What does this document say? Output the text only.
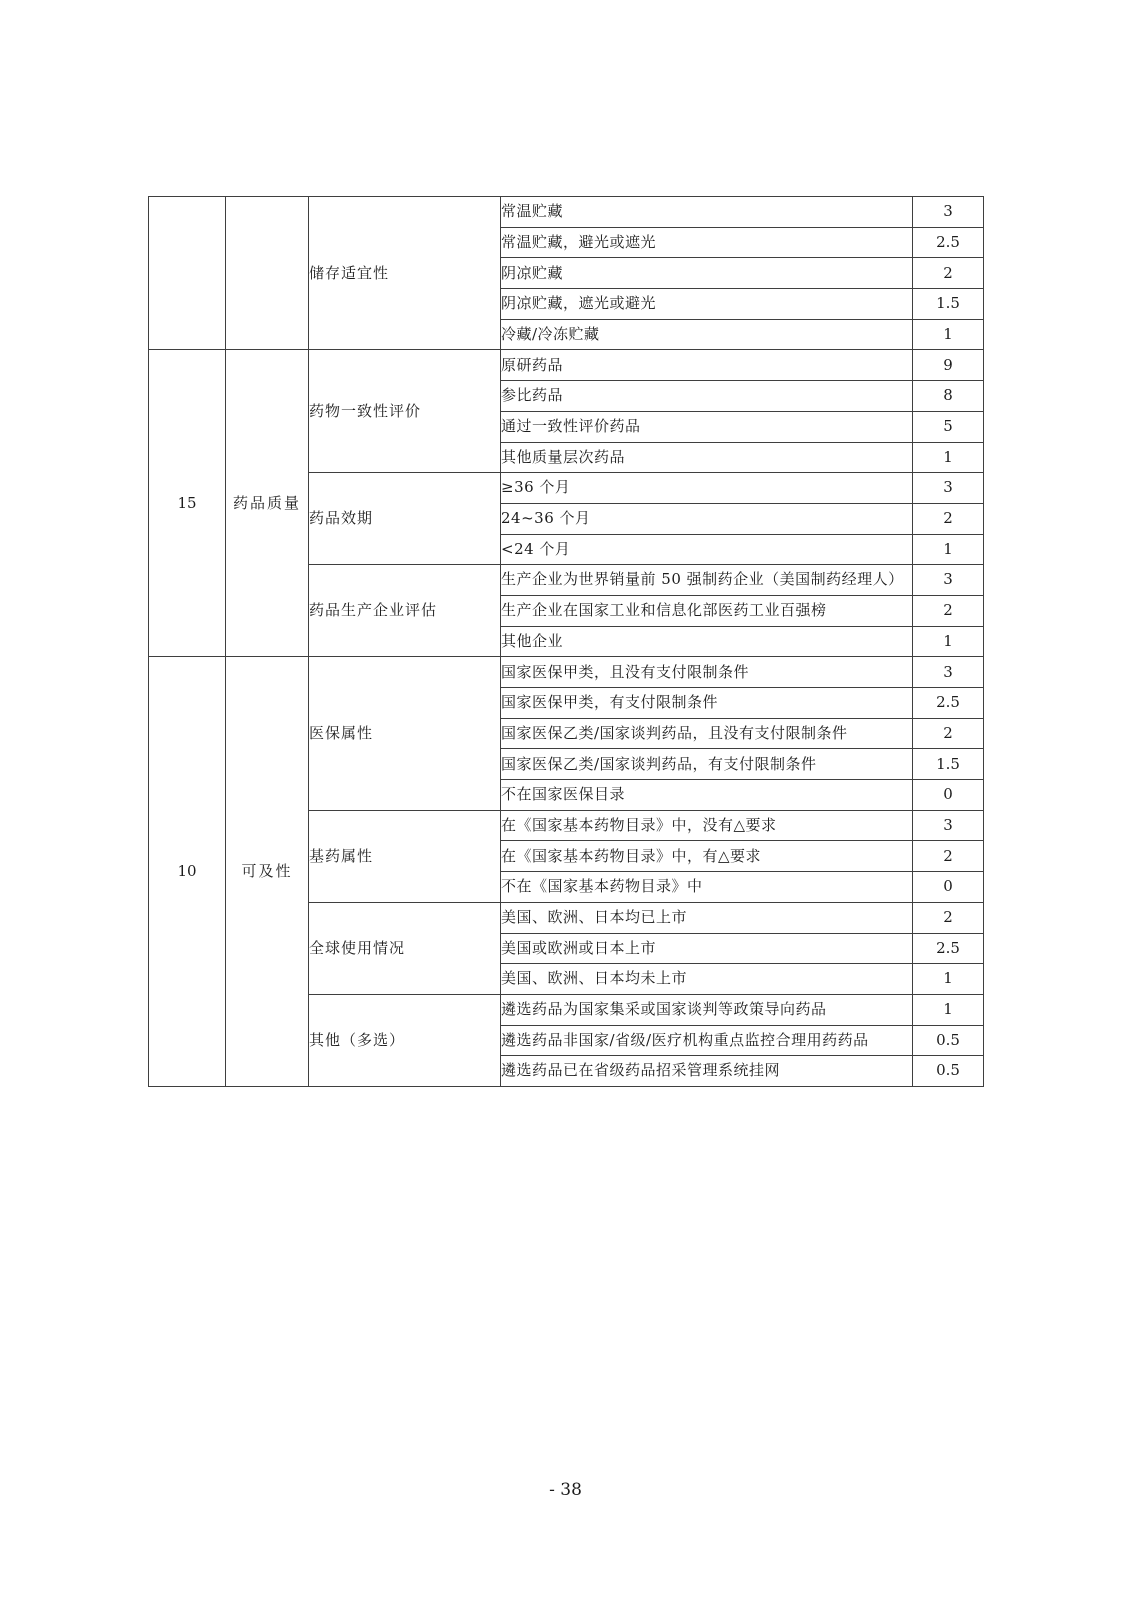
		储存适宜性	常温贮藏	3
			常温贮藏，避光或遮光	2.5
			阴凉贮藏	2
			阴凉贮藏，遮光或避光	1.5
			冷藏/冷冻贮藏	1
15	药品质量	药物一致性评价	原研药品	9
			参比药品	8
			通过一致性评价药品	5
			其他质量层次药品	1
		药品效期	≥36 个月	3
			24~36 个月	2
			<24 个月	1
		药品生产企业评估	生产企业为世界销量前 50 强制药企业（美国制药经理人）	3
			生产企业在国家工业和信息化部医药工业百强榜	2
			其他企业	1
10	可及性	医保属性	国家医保甲类，且没有支付限制条件	3
			国家医保甲类，有支付限制条件	2.5
			国家医保乙类/国家谈判药品，且没有支付限制条件	2
			国家医保乙类/国家谈判药品，有支付限制条件	1.5
			不在国家医保目录	0
		基药属性	在《国家基本药物目录》中，没有△要求	3
			在《国家基本药物目录》中，有△要求	2
			不在《国家基本药物目录》中	0
		全球使用情况	美国、欧洲、日本均已上市	2
			美国或欧洲或日本上市	2.5
			美国、欧洲、日本均未上市	1
		其他（多选）	遴选药品为国家集采或国家谈判等政策导向药品	1
			遴选药品非国家/省级/医疗机构重点监控合理用药药品	0.5
			遴选药品已在省级药品招采管理系统挂网	0.5
- 38
